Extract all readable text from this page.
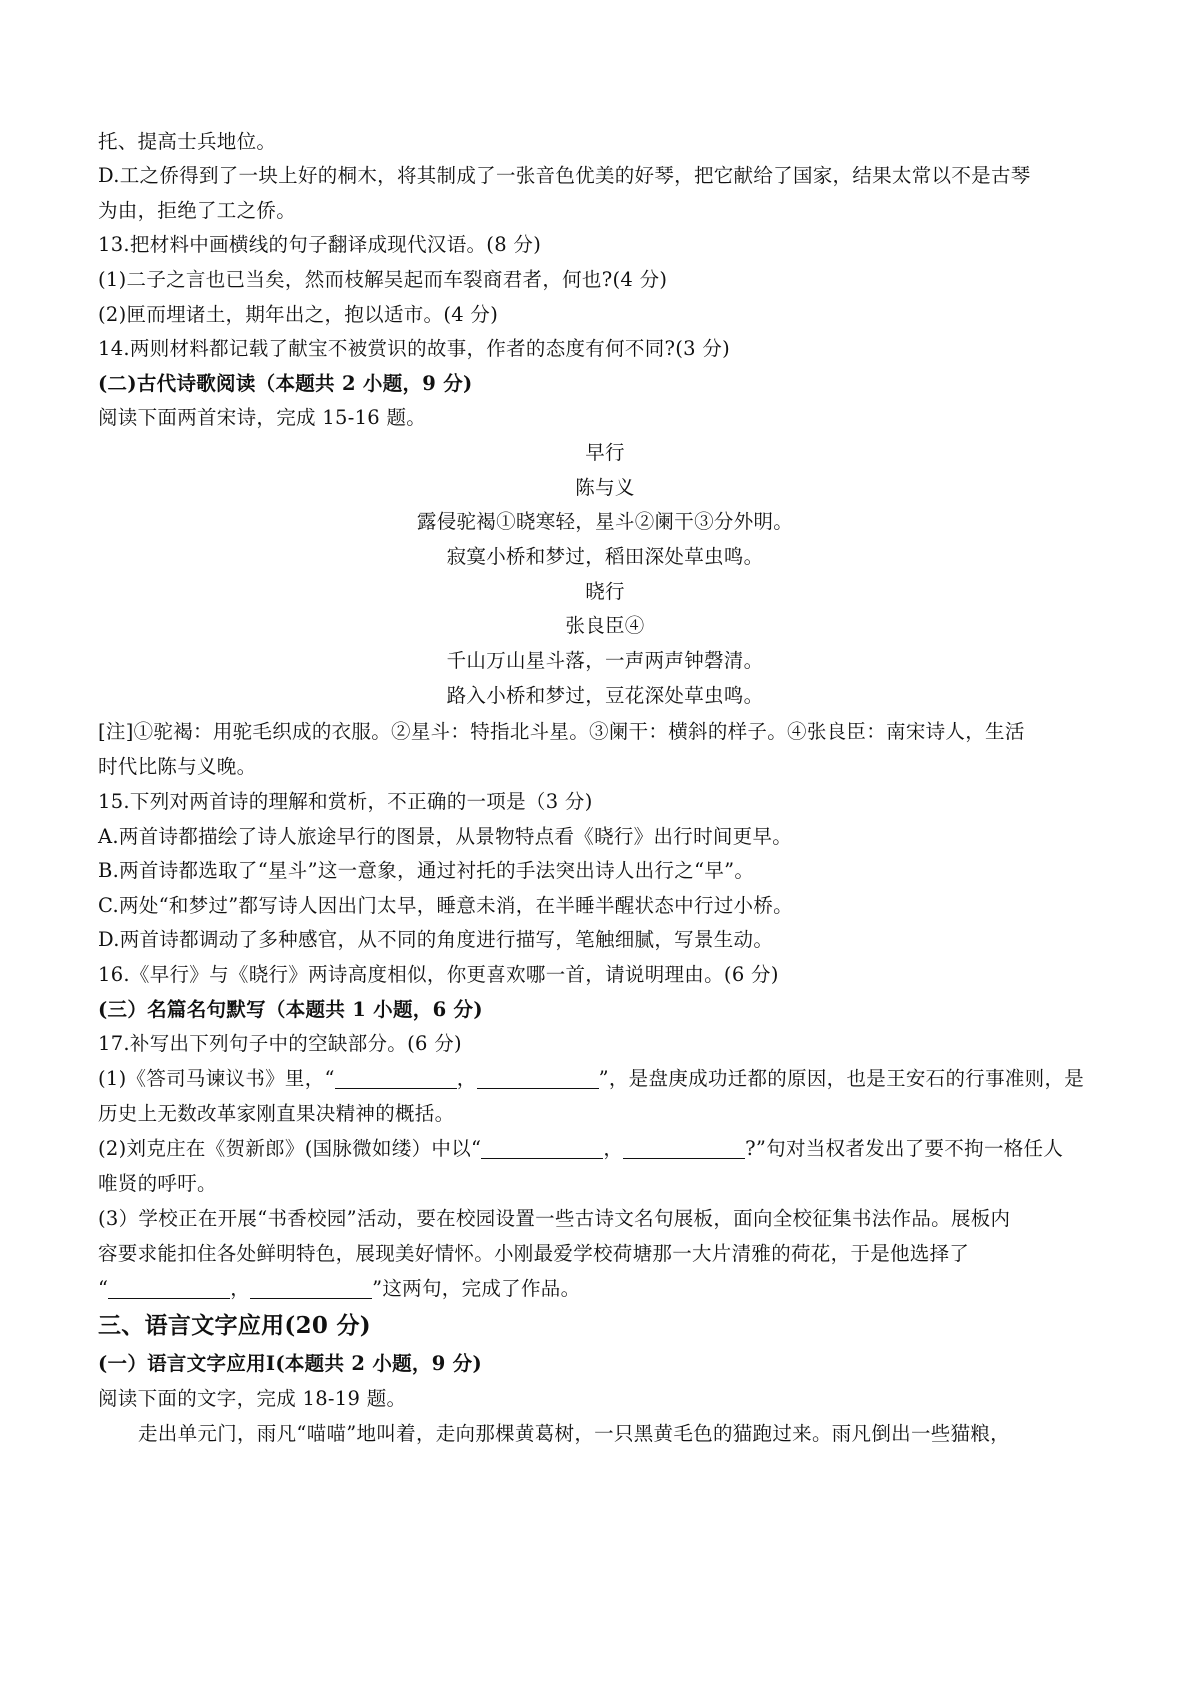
托、提高士兵地位。
D.工之侨得到了一块上好的桐木，将其制成了一张音色优美的好琴，把它献给了国家，结果太常以不是古琴
为由，拒绝了工之侨。
13.把材料中画横线的句子翻译成现代汉语。(8 分)
(1)二子之言也已当矣，然而枝解吴起而车裂商君者，何也?(4 分)
(2)匣而埋诸土，期年出之，抱以适市。(4 分)
14.两则材料都记载了献宝不被赏识的故事，作者的态度有何不同?(3 分)
(二)古代诗歌阅读（本题共 2 小题，9 分)
阅读下面两首宋诗，完成 15-16 题。
早行
陈与义
露侵驼褐①晓寒轻，星斗②阑干③分外明。
寂寞小桥和梦过，稻田深处草虫鸣。
晓行
张良臣④
千山万山星斗落，一声两声钟磬清。
路入小桥和梦过，豆花深处草虫鸣。
[注]①驼褐：用驼毛织成的衣服。②星斗：特指北斗星。③阑干：横斜的样子。④张良臣：南宋诗人，生活
时代比陈与义晚。
15.下列对两首诗的理解和赏析，不正确的一项是（3 分)
A.两首诗都描绘了诗人旅途早行的图景，从景物特点看《晓行》出行时间更早。
B.两首诗都选取了“星斗”这一意象，通过衬托的手法突出诗人出行之“早”。
C.两处“和梦过”都写诗人因出门太早，睡意未消，在半睡半醒状态中行过小桥。
D.两首诗都调动了多种感官，从不同的角度进行描写，笔触细腻，写景生动。
16.《早行》与《晓行》两诗高度相似，你更喜欢哪一首，请说明理由。(6 分)
(三）名篇名句默写（本题共 1 小题，6 分)
17.补写出下列句子中的空缺部分。(6 分)
(1)《答司马谏议书》里，“	，	”，是盘庚成功迁都的原因，也是王安石的行事准则，是
历史上无数改革家刚直果决精神的概括。
(2)刘克庄在《贺新郎》(国脉微如缕）中以“	，	?”句对当权者发出了要不拘一格任人
唯贤的呼吁。
(3）学校正在开展“书香校园”活动，要在校园设置一些古诗文名句展板，面向全校征集书法作品。展板内
容要求能扣住各处鲜明特色，展现美好情怀。小刚最爱学校荷塘那一大片清雅的荷花，于是他选择了
“	，	”这两句，完成了作品。
三、语言文字应用(20 分)
(一）语言文字应用Ⅰ(本题共 2 小题，9 分)
阅读下面的文字，完成 18-19 题。
走出单元门，雨凡“喵喵”地叫着，走向那棵黄葛树，一只黑黄毛色的猫跑过来。雨凡倒出一些猫粮，
